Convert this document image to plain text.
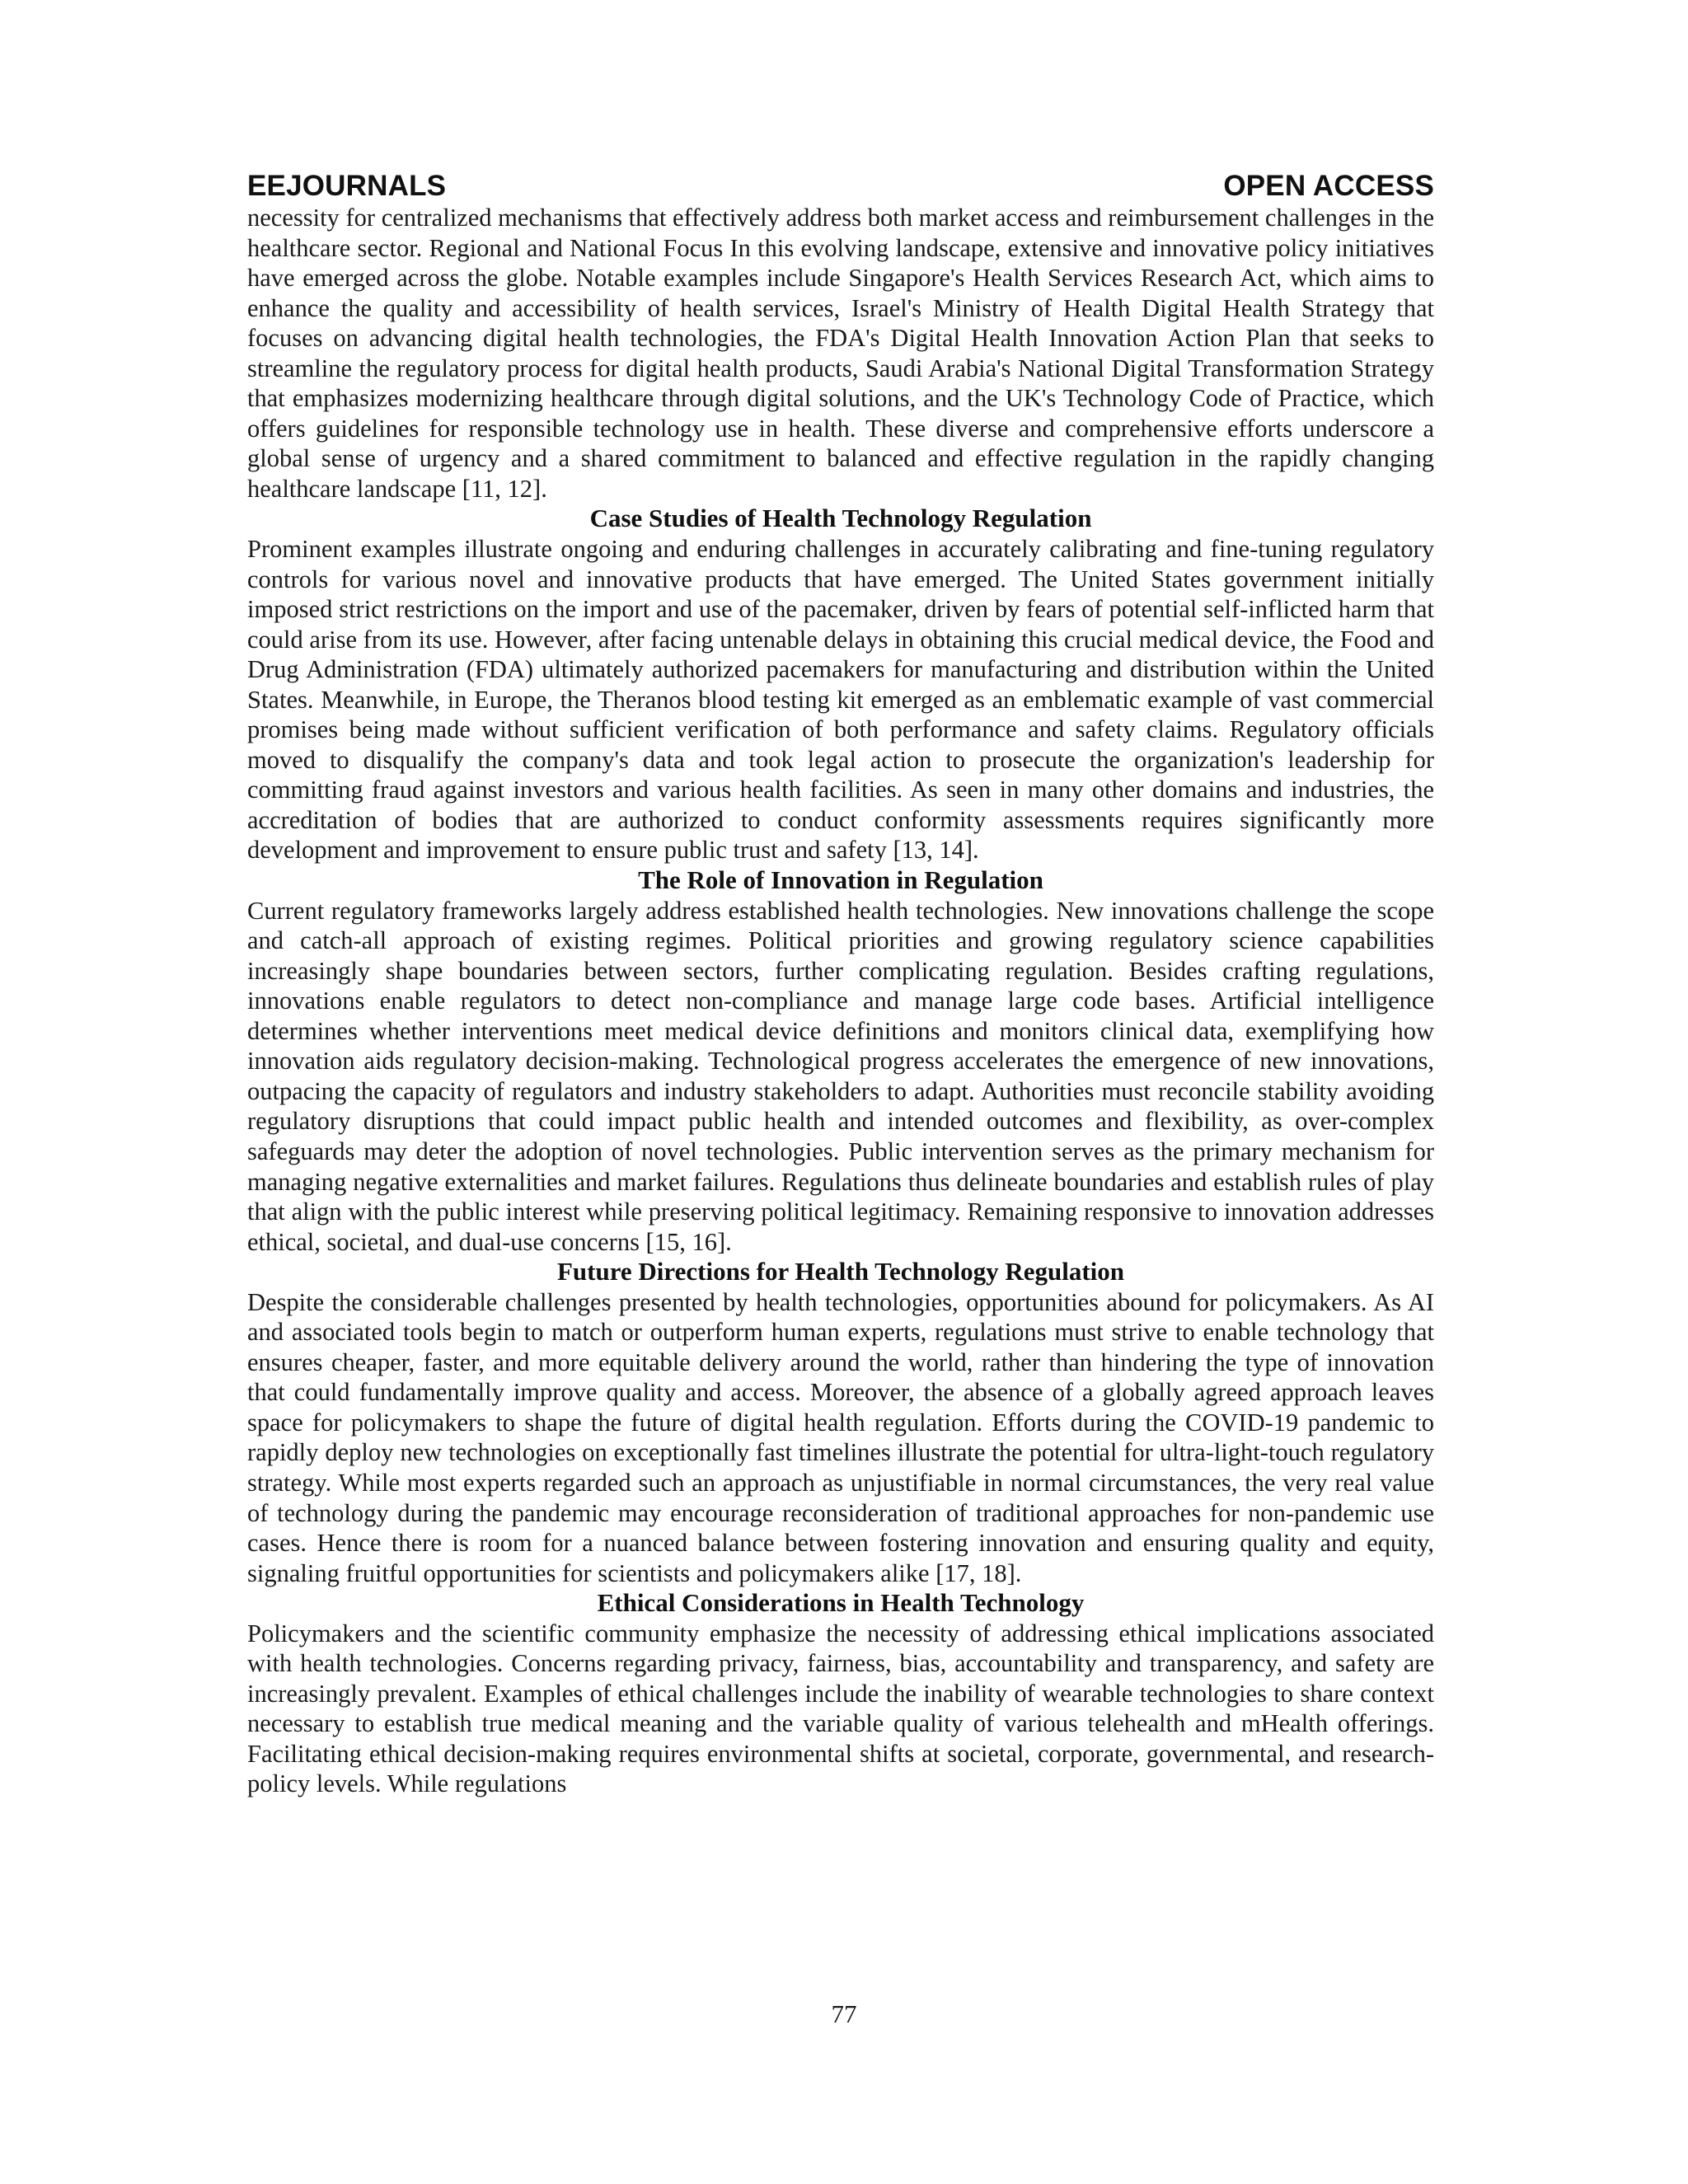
EEJOURNALS	OPEN ACCESS

necessity for centralized mechanisms that effectively address both market access and reimbursement challenges in the healthcare sector. Regional and National Focus In this evolving landscape, extensive and innovative policy initiatives have emerged across the globe. Notable examples include Singapore's Health Services Research Act, which aims to enhance the quality and accessibility of health services, Israel's Ministry of Health Digital Health Strategy that focuses on advancing digital health technologies, the FDA's Digital Health Innovation Action Plan that seeks to streamline the regulatory process for digital health products, Saudi Arabia's National Digital Transformation Strategy that emphasizes modernizing healthcare through digital solutions, and the UK's Technology Code of Practice, which offers guidelines for responsible technology use in health. These diverse and comprehensive efforts underscore a global sense of urgency and a shared commitment to balanced and effective regulation in the rapidly changing healthcare landscape [11, 12].

Case Studies of Health Technology Regulation

Prominent examples illustrate ongoing and enduring challenges in accurately calibrating and fine-tuning regulatory controls for various novel and innovative products that have emerged. The United States government initially imposed strict restrictions on the import and use of the pacemaker, driven by fears of potential self-inflicted harm that could arise from its use. However, after facing untenable delays in obtaining this crucial medical device, the Food and Drug Administration (FDA) ultimately authorized pacemakers for manufacturing and distribution within the United States. Meanwhile, in Europe, the Theranos blood testing kit emerged as an emblematic example of vast commercial promises being made without sufficient verification of both performance and safety claims. Regulatory officials moved to disqualify the company's data and took legal action to prosecute the organization's leadership for committing fraud against investors and various health facilities. As seen in many other domains and industries, the accreditation of bodies that are authorized to conduct conformity assessments requires significantly more development and improvement to ensure public trust and safety [13, 14].

The Role of Innovation in Regulation

Current regulatory frameworks largely address established health technologies. New innovations challenge the scope and catch-all approach of existing regimes. Political priorities and growing regulatory science capabilities increasingly shape boundaries between sectors, further complicating regulation. Besides crafting regulations, innovations enable regulators to detect non-compliance and manage large code bases. Artificial intelligence determines whether interventions meet medical device definitions and monitors clinical data, exemplifying how innovation aids regulatory decision-making. Technological progress accelerates the emergence of new innovations, outpacing the capacity of regulators and industry stakeholders to adapt. Authorities must reconcile stability avoiding regulatory disruptions that could impact public health and intended outcomes and flexibility, as over-complex safeguards may deter the adoption of novel technologies. Public intervention serves as the primary mechanism for managing negative externalities and market failures. Regulations thus delineate boundaries and establish rules of play that align with the public interest while preserving political legitimacy. Remaining responsive to innovation addresses ethical, societal, and dual-use concerns [15, 16].

Future Directions for Health Technology Regulation

Despite the considerable challenges presented by health technologies, opportunities abound for policymakers. As AI and associated tools begin to match or outperform human experts, regulations must strive to enable technology that ensures cheaper, faster, and more equitable delivery around the world, rather than hindering the type of innovation that could fundamentally improve quality and access. Moreover, the absence of a globally agreed approach leaves space for policymakers to shape the future of digital health regulation. Efforts during the COVID-19 pandemic to rapidly deploy new technologies on exceptionally fast timelines illustrate the potential for ultra-light-touch regulatory strategy. While most experts regarded such an approach as unjustifiable in normal circumstances, the very real value of technology during the pandemic may encourage reconsideration of traditional approaches for non-pandemic use cases. Hence there is room for a nuanced balance between fostering innovation and ensuring quality and equity, signaling fruitful opportunities for scientists and policymakers alike [17, 18].

Ethical Considerations in Health Technology

Policymakers and the scientific community emphasize the necessity of addressing ethical implications associated with health technologies. Concerns regarding privacy, fairness, bias, accountability and transparency, and safety are increasingly prevalent. Examples of ethical challenges include the inability of wearable technologies to share context necessary to establish true medical meaning and the variable quality of various telehealth and mHealth offerings. Facilitating ethical decision-making requires environmental shifts at societal, corporate, governmental, and research-policy levels. While regulations

77
